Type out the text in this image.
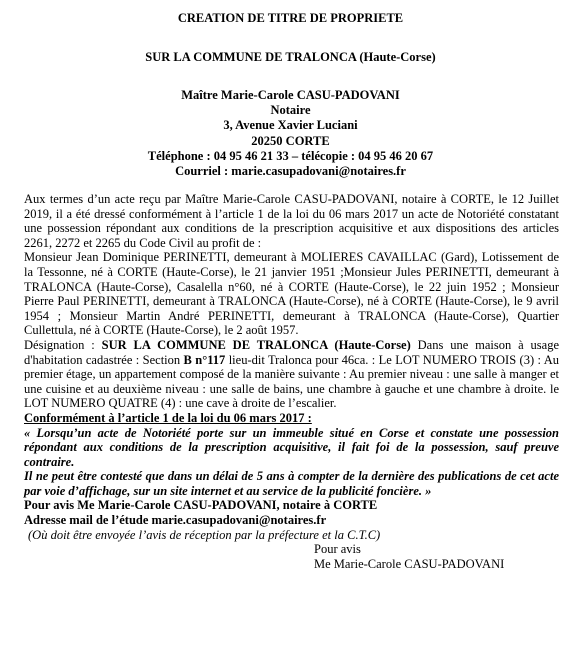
CREATION DE TITRE DE PROPRIETE
SUR LA COMMUNE DE TRALONCA (Haute-Corse)
Maître Marie-Carole CASU-PADOVANI
Notaire
3, Avenue Xavier Luciani
20250 CORTE
Téléphone : 04 95 46 21 33 – télécopie : 04 95 46 20 67
Courriel : marie.casupadovani@notaires.fr

Aux termes d’un acte reçu par Maître Marie-Carole CASU-PADOVANI, notaire à CORTE, le 12 Juillet 2019, il a été dressé conformément à l’article 1 de la loi du 06 mars 2017 un acte de Notoriété constatant une possession répondant aux conditions de la prescription acquisitive et aux dispositions des articles 2261, 2272 et 2265 du Code Civil au profit de :

Monsieur Jean Dominique PERINETTI, demeurant à MOLIERES CAVAILLAC (Gard), Lotissement de la Tessonne, né à CORTE (Haute-Corse), le 21 janvier 1951 ;Monsieur Jules PERINETTI, demeurant à TRALONCA (Haute-Corse), Casalella n°60, né à CORTE (Haute-Corse), le 22 juin 1952 ; Monsieur Pierre Paul PERINETTI, demeurant à TRALONCA (Haute-Corse), né à CORTE (Haute-Corse), le 9 avril 1954 ; Monsieur Martin André PERINETTI, demeurant à TRALONCA (Haute-Corse), Quartier Cullettula, né à CORTE (Haute-Corse), le 2 août 1957.

Désignation : SUR LA COMMUNE DE TRALONCA (Haute-Corse) Dans une maison à usage d'habitation cadastrée : Section B n°117 lieu-dit Tralonca pour 46ca. : Le LOT NUMERO TROIS (3) : Au premier étage, un appartement composé de la manière suivante : Au premier niveau : une salle à manger et une cuisine et au deuxième niveau : une salle de bains, une chambre à gauche et une chambre à droite. le LOT NUMERO QUATRE (4) : une cave à droite de l’escalier.

Conformément à l’article 1 de la loi du 06 mars 2017 :

« Lorsqu’un acte de Notoriété porte sur un immeuble situé en Corse et constate une possession répondant aux conditions de la prescription acquisitive, il fait foi de la possession, sauf preuve contraire.

Il ne peut être contesté que dans un délai de 5 ans à compter de la dernière des publications de cet acte par voie d’affichage, sur un site internet et au service de la publicité foncière. »

Pour avis Me Marie-Carole CASU-PADOVANI, notaire à CORTE

Adresse mail de l’étude marie.casupadovani@notaires.fr

(Où doit être envoyée l’avis de réception par la préfecture et la C.T.C)

Pour avis

Me Marie-Carole CASU-PADOVANI
